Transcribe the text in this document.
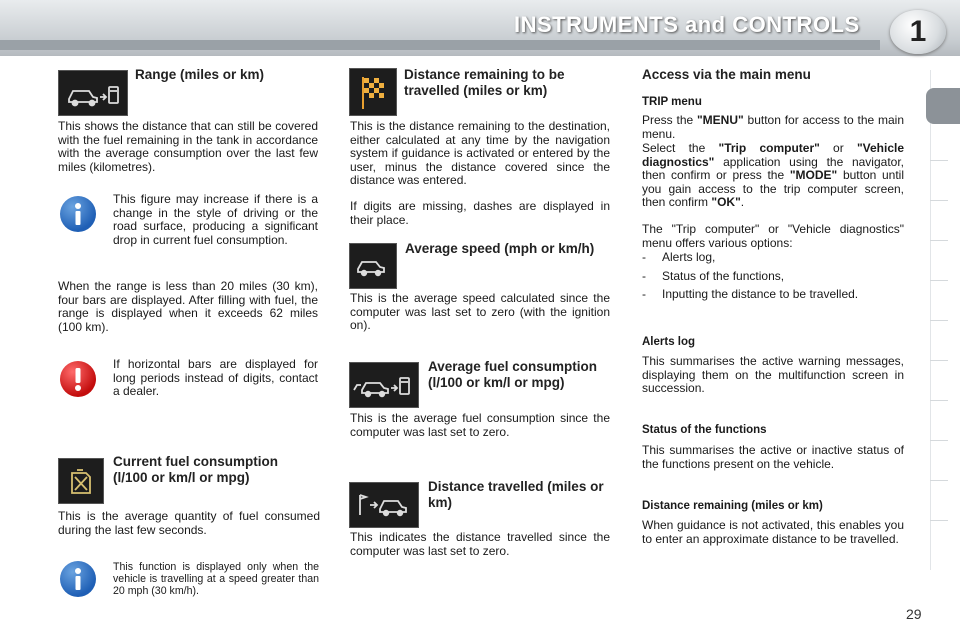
INSTRUMENTS and CONTROLS	1
Range (miles or km)
This shows the distance that can still be covered with the fuel remaining in the tank in accordance with the average consumption over the last few miles (kilometres).
This figure may increase if there is a change in the style of driving or the road surface, producing a significant drop in current fuel consumption.
When the range is less than 20 miles (30 km), four bars are displayed. After filling with fuel, the range is displayed when it exceeds 62 miles (100 km).
If horizontal bars are displayed for long periods instead of digits, contact a dealer.
Current fuel consumption (l/100 or km/l or mpg)
This is the average quantity of fuel consumed during the last few seconds.
This function is displayed only when the vehicle is travelling at a speed greater than 20 mph (30 km/h).
Distance remaining to be travelled (miles or km)
This is the distance remaining to the destination, either calculated at any time by the navigation system if guidance is activated or entered by the user, minus the distance covered since the distance was entered.
If digits are missing, dashes are displayed in their place.
Average speed (mph or km/h)
This is the average speed calculated since the computer was last set to zero (with the ignition on).
Average fuel consumption (l/100 or km/l or mpg)
This is the average fuel consumption since the computer was last set to zero.
Distance travelled (miles or km)
This indicates the distance travelled since the computer was last set to zero.
Access via the main menu
TRIP menu
Press the "MENU" button for access to the main menu.
Select the "Trip computer" or "Vehicle diagnostics" application using the navigator, then confirm or press the "MODE" button until you gain access to the trip computer screen, then confirm "OK".
The "Trip computer" or "Vehicle diagnostics" menu offers various options:
-	Alerts log,
-	Status of the functions,
-	Inputting the distance to be travelled.
Alerts log
This summarises the active warning messages, displaying them on the multifunction screen in succession.
Status of the functions
This summarises the active or inactive status of the functions present on the vehicle.
Distance remaining (miles or km)
When guidance is not activated, this enables you to enter an approximate distance to be travelled.
29
